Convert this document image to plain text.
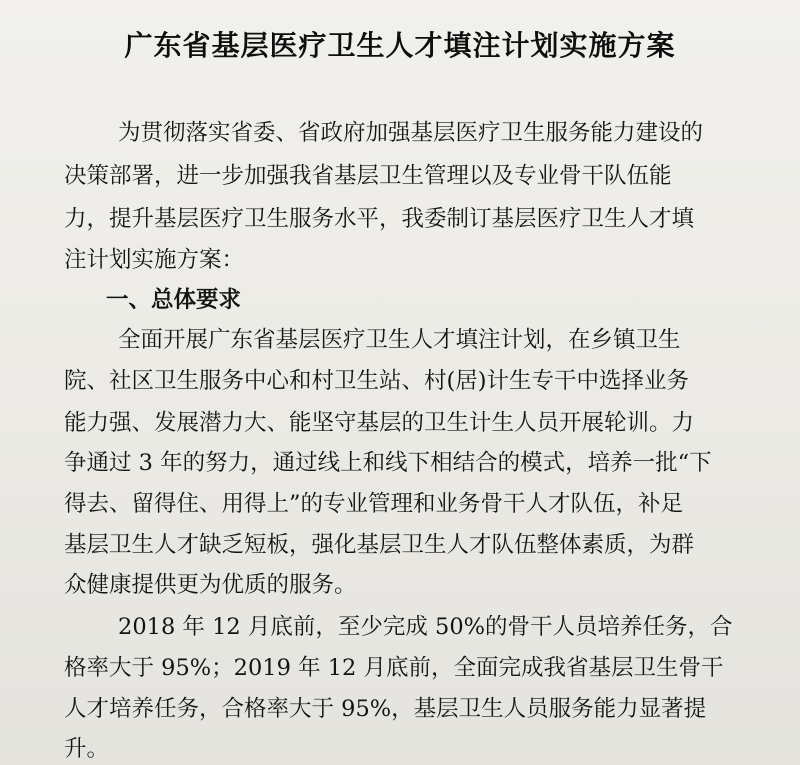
广东省基层医疗卫生人才填注计划实施方案
为贯彻落实省委、省政府加强基层医疗卫生服务能力建设的
决策部署，进一步加强我省基层卫生管理以及专业骨干队伍能
力，提升基层医疗卫生服务水平，我委制订基层医疗卫生人才填
注计划实施方案：
一、总体要求
全面开展广东省基层医疗卫生人才填注计划，在乡镇卫生
院、社区卫生服务中心和村卫生站、村(居)计生专干中选择业务
能力强、发展潜力大、能坚守基层的卫生计生人员开展轮训。力
争通过 3 年的努力，通过线上和线下相结合的模式，培养一批“下
得去、留得住、用得上”的专业管理和业务骨干人才队伍，补足
基层卫生人才缺乏短板，强化基层卫生人才队伍整体素质，为群
众健康提供更为优质的服务。
2018 年 12 月底前，至少完成 50%的骨干人员培养任务，合
格率大于 95%；2019 年 12 月底前，全面完成我省基层卫生骨干
人才培养任务，合格率大于 95%，基层卫生人员服务能力显著提
升。
